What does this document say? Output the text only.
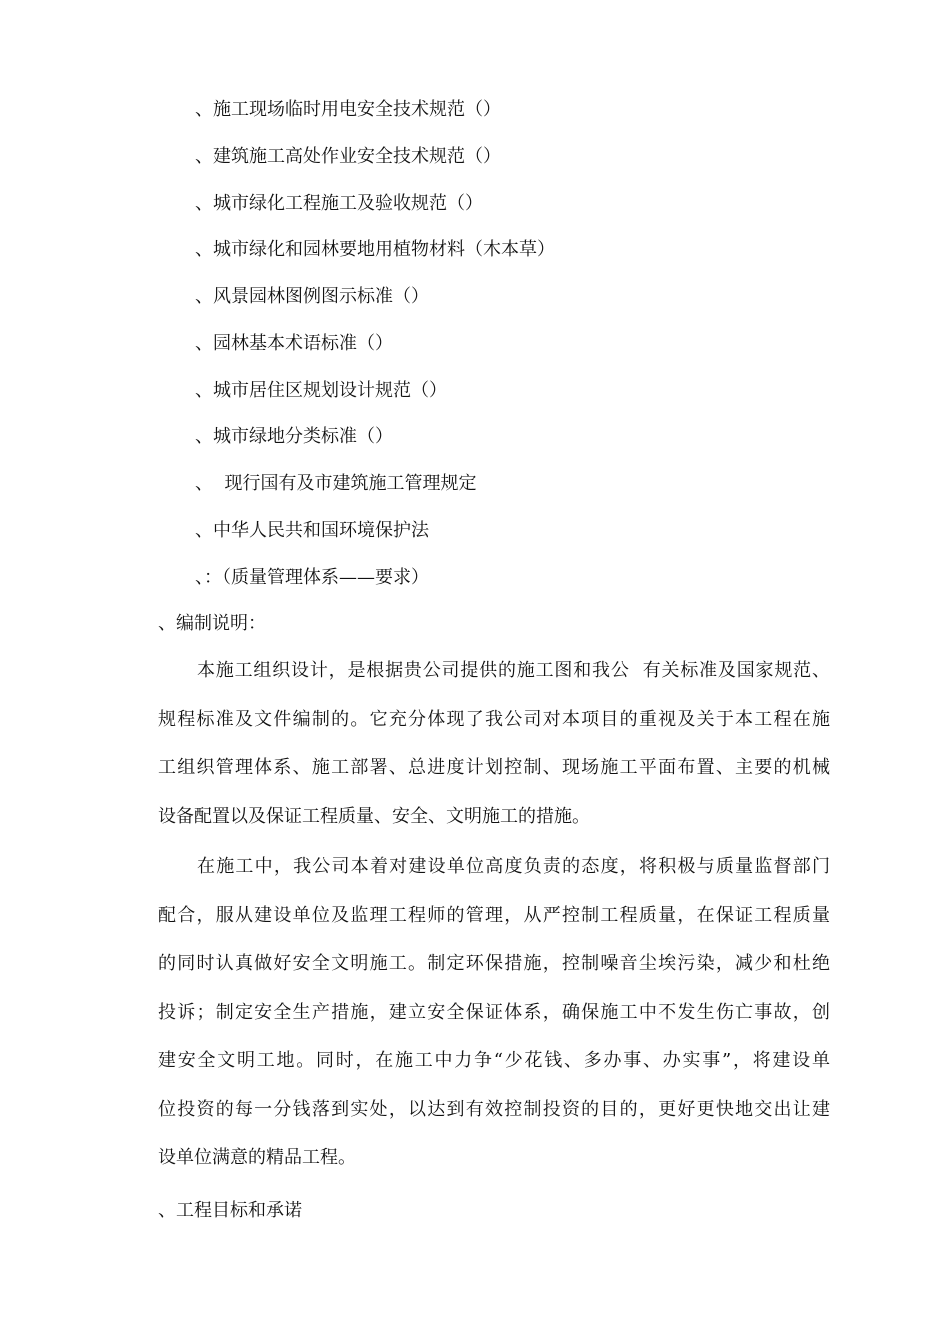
、施工现场临时用电安全技术规范（）
、建筑施工高处作业安全技术规范（）
、城市绿化工程施工及验收规范（）
、城市绿化和园林要地用植物材料（木本草）
、风景园林图例图示标准（）
、园林基本术语标准（）
、城市居住区规划设计规范（）
、城市绿地分类标准（）
、  现行国有及市建筑施工管理规定
、中华人民共和国环境保护法
、：（质量管理体系——要求）
、编制说明：
本施工组织设计，是根据贵公司提供的施工图和我公  有关标准及国家规范、
规程标准及文件编制的。它充分体现了我公司对本项目的重视及关于本工程在施
工组织管理体系、施工部署、总进度计划控制、现场施工平面布置、主要的机械
设备配置以及保证工程质量、安全、文明施工的措施。
在施工中，我公司本着对建设单位高度负责的态度，将积极与质量监督部门
配合，服从建设单位及监理工程师的管理，从严控制工程质量，在保证工程质量
的同时认真做好安全文明施工。制定环保措施，控制噪音尘埃污染，减少和杜绝
投诉；制定安全生产措施，建立安全保证体系，确保施工中不发生伤亡事故，创
建安全文明工地。同时，在施工中力争“少花钱、多办事、办实事”，将建设单
位投资的每一分钱落到实处，以达到有效控制投资的目的，更好更快地交出让建
设单位满意的精品工程。
、工程目标和承诺
